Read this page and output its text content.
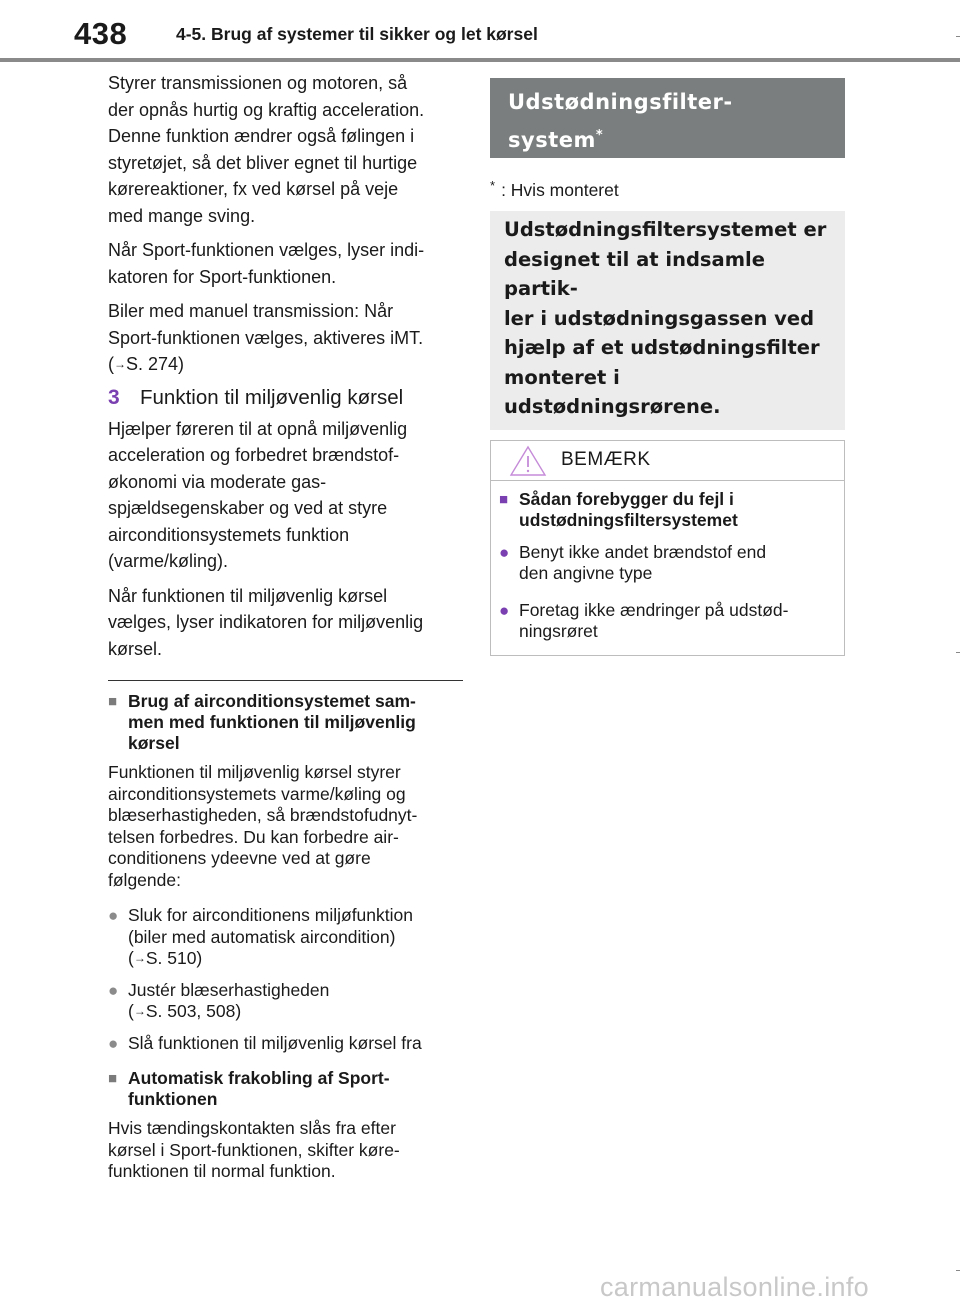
438	4-5. Brug af systemer til sikker og let kørsel
Styrer transmissionen og motoren, så
der opnås hurtig og kraftig acceleration.
Denne funktion ændrer også følingen i
styretøjet, så det bliver egnet til hurtige
kørereaktioner, fx ved kørsel på veje
med mange sving.
Når Sport-funktionen vælges, lyser indi-
katoren for Sport-funktionen.
Biler med manuel transmission: Når
Sport-funktionen vælges, aktiveres iMT.
(→S. 274)
3 Funktion til miljøvenlig kørsel
Hjælper føreren til at opnå miljøvenlig
acceleration og forbedret brændstof-
økonomi via moderate gas-
spjældsegenskaber og ved at styre
airconditionsystemets funktion
(varme/køling).
Når funktionen til miljøvenlig kørsel
vælges, lyser indikatoren for miljøvenlig
kørsel.
■ Brug af airconditionsystemet sam-
men med funktionen til miljøvenlig
kørsel
Funktionen til miljøvenlig kørsel styrer
airconditionsystemets varme/køling og
blæserhastigheden, så brændstofudnyt-
telsen forbedres. Du kan forbedre air-
conditionens ydeevne ved at gøre
følgende:
● Sluk for airconditionens miljøfunktion
(biler med automatisk aircondition)
(→S. 510)
● Justér blæserhastigheden
(→S. 503, 508)
● Slå funktionen til miljøvenlig kørsel fra
■ Automatisk frakobling af Sport-
funktionen
Hvis tændingskontakten slås fra efter
kørsel i Sport-funktionen, skifter køre-
funktionen til normal funktion.
Udstødningsfilter-
system*
* : Hvis monteret
Udstødningsfiltersystemet er
designet til at indsamle partik-
ler i udstødningsgassen ved
hjælp af et udstødningsfilter
monteret i udstødningsrørene.
BEMÆRK
■ Sådan forebygger du fejl i
udstødningsfiltersystemet
● Benyt ikke andet brændstof end
den angivne type
● Foretag ikke ændringer på udstød-
ningsrøret
carmanualsonline.info
